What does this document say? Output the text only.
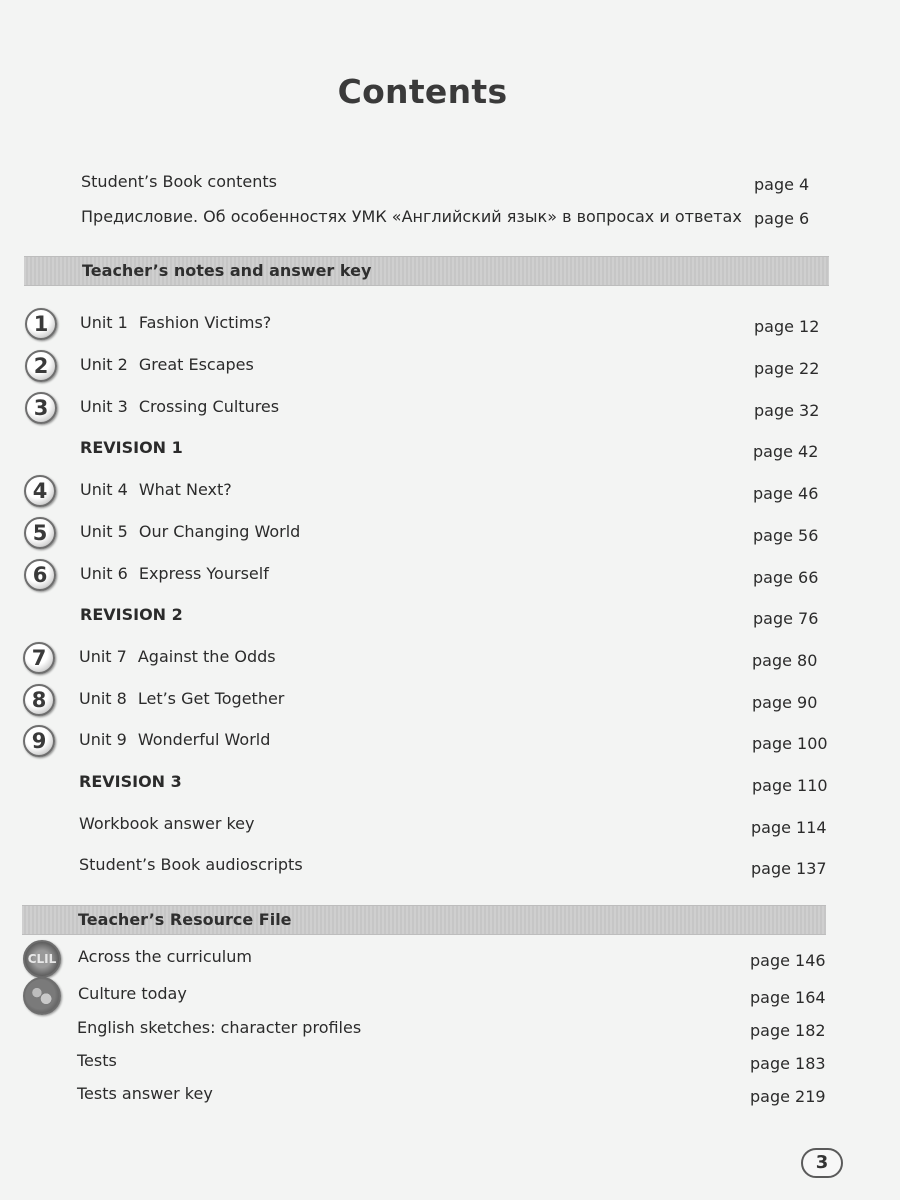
Contents
Student’s Book contents	page 4
Предисловие. Об особенностях УМК «Английский язык» в вопросах и ответах page 6
Teacher’s notes and answer key
1	Unit 1 Fashion Victims?	page 12
2	Unit 2 Great Escapes	page 22
3	Unit 3 Crossing Cultures	page 32
REVISION 1	page 42
4	Unit 4 What Next?	page 46
5	Unit 5 Our Changing World	page 56
6	Unit 6 Express Yourself	page 66
REVISION 2	page 76
7	Unit 7 Against the Odds	page 80
8	Unit 8 Let’s Get Together	page 90
9	Unit 9 Wonderful World	page 100
REVISION 3	page 110
Workbook answer key	page 114
Student’s Book audioscripts	page 137
Teacher’s Resource File
CLIL Across the curriculum	page 146
Culture today	page 164
English sketches: character profiles	page 182
Tests	page 183
Tests answer key	page 219
3
